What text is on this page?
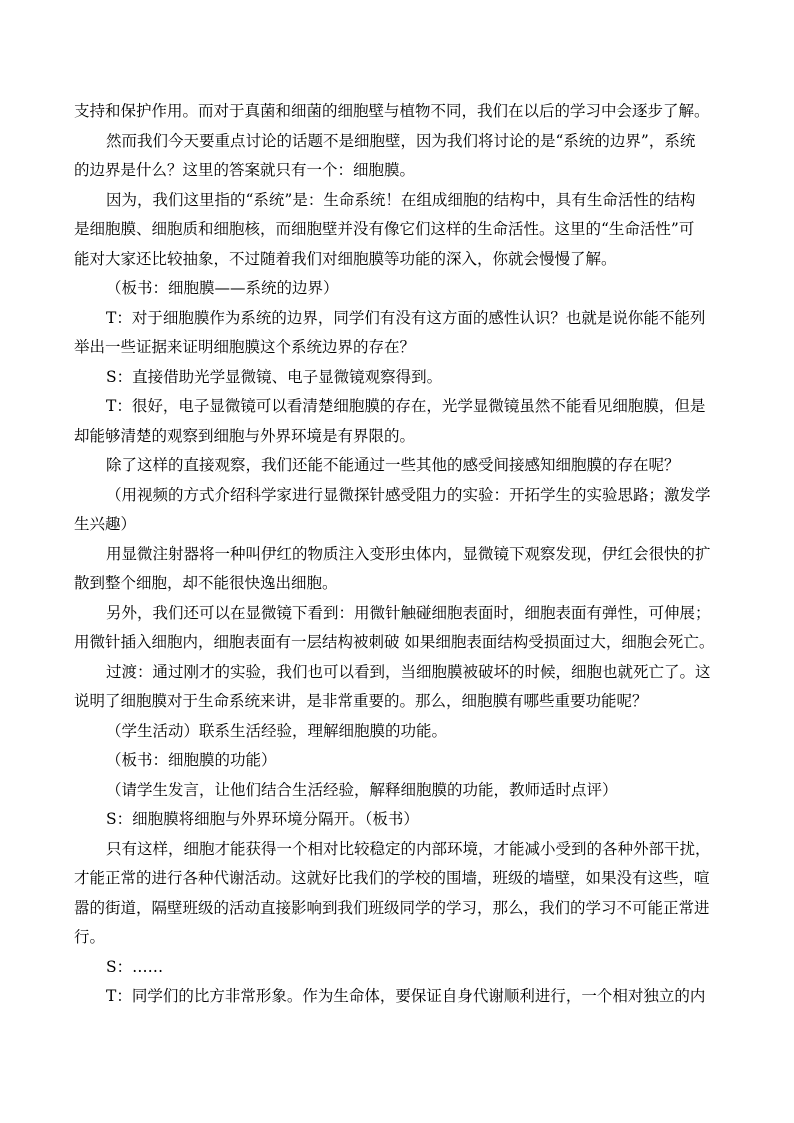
支持和保护作用。而对于真菌和细菌的细胞壁与植物不同，我们在以后的学习中会逐步了解。

然而我们今天要重点讨论的话题不是细胞壁，因为我们将讨论的是“系统的边界”，系统
的边界是什么？这里的答案就只有一个：细胞膜。

因为，我们这里指的“系统”是：生命系统！在组成细胞的结构中，具有生命活性的结构
是细胞膜、细胞质和细胞核，而细胞壁并没有像它们这样的生命活性。这里的“生命活性”可
能对大家还比较抽象，不过随着我们对细胞膜等功能的深入，你就会慢慢了解。

（板书：细胞膜——系统的边界）

T：对于细胞膜作为系统的边界，同学们有没有这方面的感性认识？也就是说你能不能列
举出一些证据来证明细胞膜这个系统边界的存在？

S：直接借助光学显微镜、电子显微镜观察得到。

T：很好，电子显微镜可以看清楚细胞膜的存在，光学显微镜虽然不能看见细胞膜，但是
却能够清楚的观察到细胞与外界环境是有界限的。

除了这样的直接观察，我们还能不能通过一些其他的感受间接感知细胞膜的存在呢？

（用视频的方式介绍科学家进行显微探针感受阻力的实验：开拓学生的实验思路；激发学
生兴趣）

用显微注射器将一种叫伊红的物质注入变形虫体内，显微镜下观察发现，伊红会很快的扩
散到整个细胞，却不能很快逸出细胞。

另外，我们还可以在显微镜下看到：用微针触碰细胞表面时，细胞表面有弹性，可伸展；
用微针插入细胞内，细胞表面有一层结构被刺破 如果细胞表面结构受损面过大，细胞会死亡。

过渡：通过刚才的实验，我们也可以看到，当细胞膜被破坏的时候，细胞也就死亡了。这
说明了细胞膜对于生命系统来讲，是非常重要的。那么，细胞膜有哪些重要功能呢？

（学生活动）联系生活经验，理解细胞膜的功能。

（板书：细胞膜的功能）

（请学生发言，让他们结合生活经验，解释细胞膜的功能，教师适时点评）

S：细胞膜将细胞与外界环境分隔开。（板书）

只有这样，细胞才能获得一个相对比较稳定的内部环境，才能减小受到的各种外部干扰，
才能正常的进行各种代谢活动。这就好比我们的学校的围墙，班级的墙壁，如果没有这些，喧
嚣的街道，隔壁班级的活动直接影响到我们班级同学的学习，那么，我们的学习不可能正常进
行。

S：……

T：同学们的比方非常形象。作为生命体，要保证自身代谢顺利进行，一个相对独立的内
